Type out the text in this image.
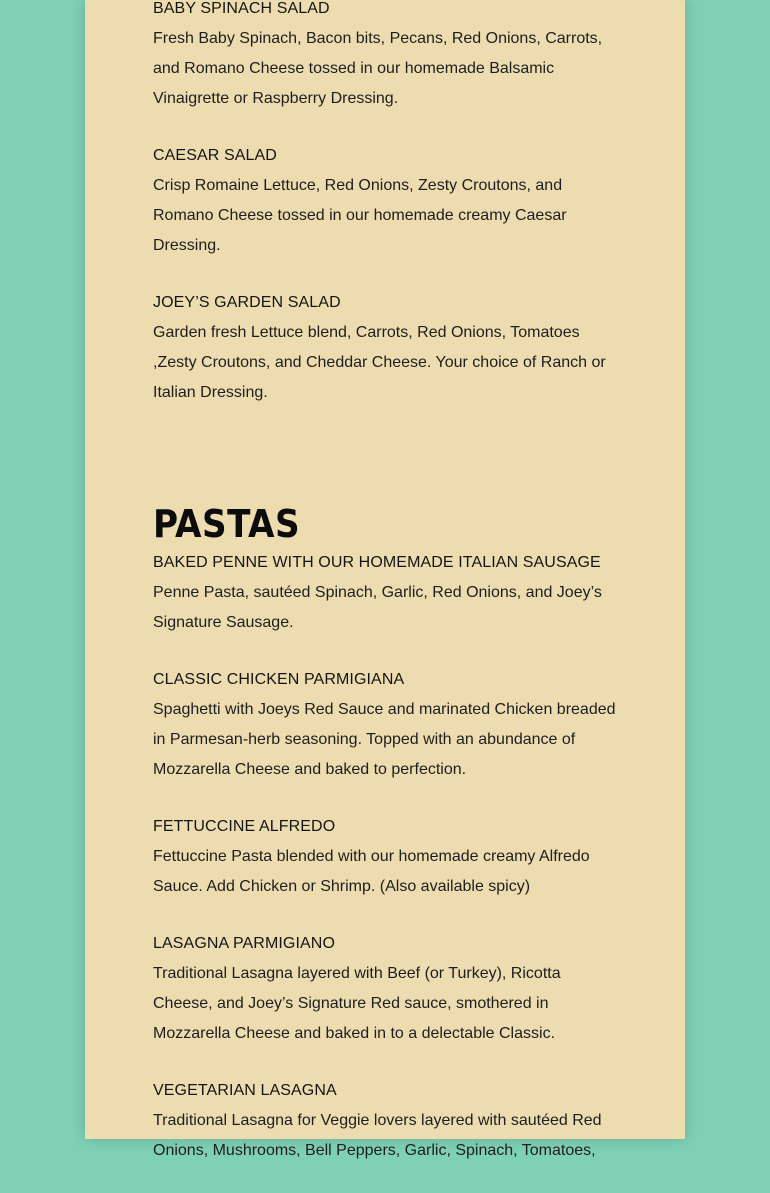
BABY SPINACH SALAD
Fresh Baby Spinach, Bacon bits, Pecans, Red Onions, Carrots, and Romano Cheese tossed in our homemade Balsamic Vinaigrette or Raspberry Dressing.
CAESAR SALAD
Crisp Romaine Lettuce, Red Onions, Zesty Croutons, and Romano Cheese tossed in our homemade creamy Caesar Dressing.
JOEY’S GARDEN SALAD
Garden fresh Lettuce blend, Carrots, Red Onions, Tomatoes ,Zesty Croutons, and Cheddar Cheese. Your choice of Ranch or Italian Dressing.
PASTAS
BAKED PENNE WITH OUR HOMEMADE ITALIAN SAUSAGE
Penne Pasta, sautéed Spinach, Garlic, Red Onions, and Joey’s Signature Sausage.
CLASSIC CHICKEN PARMIGIANA
Spaghetti with Joeys Red Sauce and marinated Chicken breaded in Parmesan-herb seasoning. Topped with an abundance of Mozzarella Cheese and baked to perfection.
FETTUCCINE ALFREDO
Fettuccine Pasta blended with our homemade creamy Alfredo Sauce. Add Chicken or Shrimp. (Also available spicy)
LASAGNA PARMIGIANO
Traditional Lasagna layered with Beef (or Turkey), Ricotta Cheese, and Joey’s Signature Red sauce, smothered in Mozzarella Cheese and baked in to a delectable Classic.
VEGETARIAN LASAGNA
Traditional Lasagna for Veggie lovers layered with sautéed Red Onions, Mushrooms, Bell Peppers, Garlic, Spinach, Tomatoes,
